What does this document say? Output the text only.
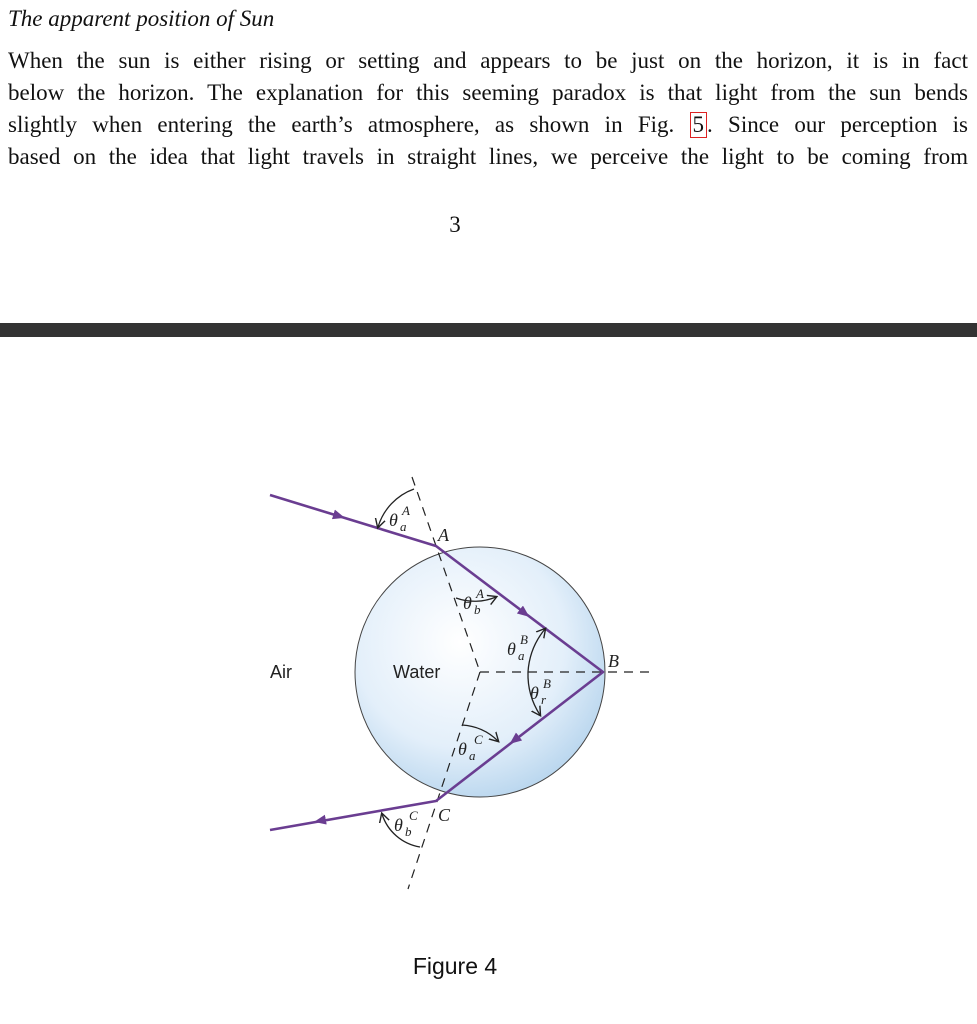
The apparent position of Sun
When the sun is either rising or setting and appears to be just on the horizon, it is in fact
below the horizon. The explanation for this seeming paradox is that light from the sun bends
slightly when entering the earth’s atmosphere, as shown in Fig. 5 . Since our perception is
based on the idea that light travels in straight lines, we perceive the light to be coming from
3
Air	Water
A
B
C
θ a
A
θ b
A
θ a
B
θ r
B
θ a
C
θ b
C
Figure 4
